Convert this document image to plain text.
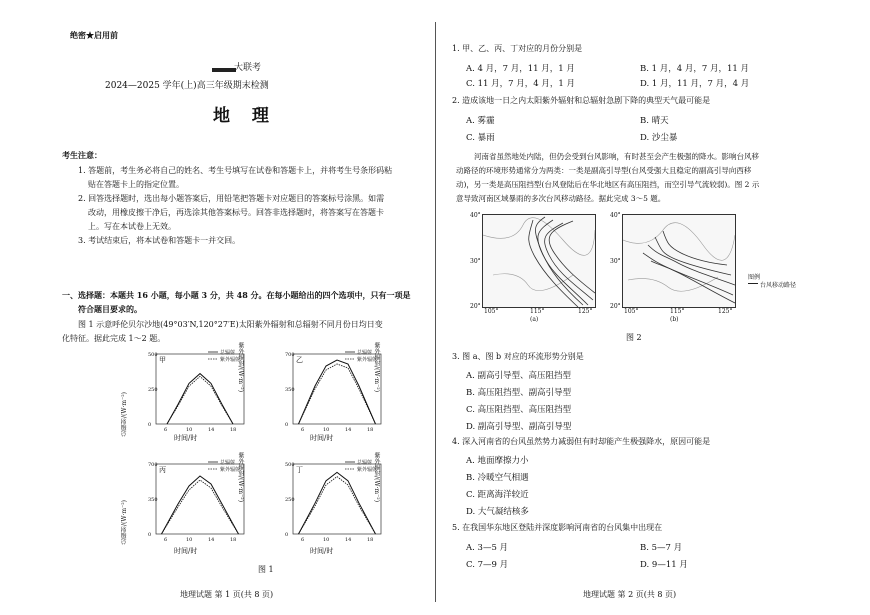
绝密★启用前
大联考
2024—2025 学年(上)高三年级期末检测
地 理
考生注意：
1. 答题前，考生务必将自己的姓名、考生号填写在试卷和答题卡上，并将考生号条形码粘
贴在答题卡上的指定位置。
2. 回答选择题时，选出每小题答案后，用铅笔把答题卡对应题目的答案标号涂黑。如需
改动，用橡皮擦干净后，再选涂其他答案标号。回答非选择题时，将答案写在答题卡
上。写在本试卷上无效。
3. 考试结束后，将本试卷和答题卡一并交回。
一、选择题：本题共 16 小题，每小题 3 分，共 48 分。在每小题给出的四个选项中，只有一项是
符合题目要求的。
图 1 示意呼伦贝尔沙地(49°03′N,120°27′E)太阳紫外辐射和总辐射不同月份日均日变
化特征。据此完成 1～2 题。
甲
总辐射
紫外辐射
6	10	14	18
0
250
500
乙
总辐射
紫外辐射
6	10	14	18
0
350
700
丙
总辐射
紫外辐射
6	10	14	18
0
350
700
丁
总辐射
紫外辐射
6	10	14	18
0
250
500
时间/时	时间/时
时间/时	时间/时
总辐射/(W·m⁻²)
总辐射/(W·m⁻²)
紫外辐射/(W·m⁻²)	紫外辐射/(W·m⁻²)
紫外辐射/(W·m⁻²)	紫外辐射/(W·m⁻²)
图 1
地理试题 第 1 页(共 8 页)
1. 甲、乙、丙、丁对应的月份分别是
A. 4 月，7 月，11 月，1 月	B. 1 月，4 月，7 月，11 月
C. 11 月，7 月，4 月，1 月	D. 1 月，11 月，7 月，4 月
2. 造成该地一日之内太阳紫外辐射和总辐射急剧下降的典型天气最可能是
A. 雾霾	B. 晴天
C. 暴雨	D. 沙尘暴
河南省虽然地处内陆，但仍会受到台风影响，有时甚至会产生极强的降水。影响台风移
动路径的环境形势通常分为两类：一类是副高引导型(台风受强大且稳定的副高引导向西移
动)，另一类是高压阻挡型(台风登陆后在华北地区有高压阻挡，而空引导气流较弱)。图 2 示
意导致河南区域暴雨的多次台风移动路径。据此完成 3～5 题。
40°
30°
20°
105°	115°	125°
(a)
40°
30°
20°
105°	115°	125°
(b)
图例
台风移动路径
图 2
3. 图 a、图 b 对应的环流形势分别是
A. 副高引导型、高压阻挡型
B. 高压阻挡型、副高引导型
C. 高压阻挡型、高压阻挡型
D. 副高引导型、副高引导型
4. 深入河南省的台风虽然势力减弱但有时却能产生极强降水，原因可能是
A. 地面摩擦力小
B. 冷暖空气相遇
C. 距离海洋较近
D. 大气凝结核多
5. 在我国华东地区登陆并深度影响河南省的台风集中出现在
A. 3—5 月	B. 5—7 月
C. 7—9 月	D. 9—11 月
地理试题 第 2 页(共 8 页)
